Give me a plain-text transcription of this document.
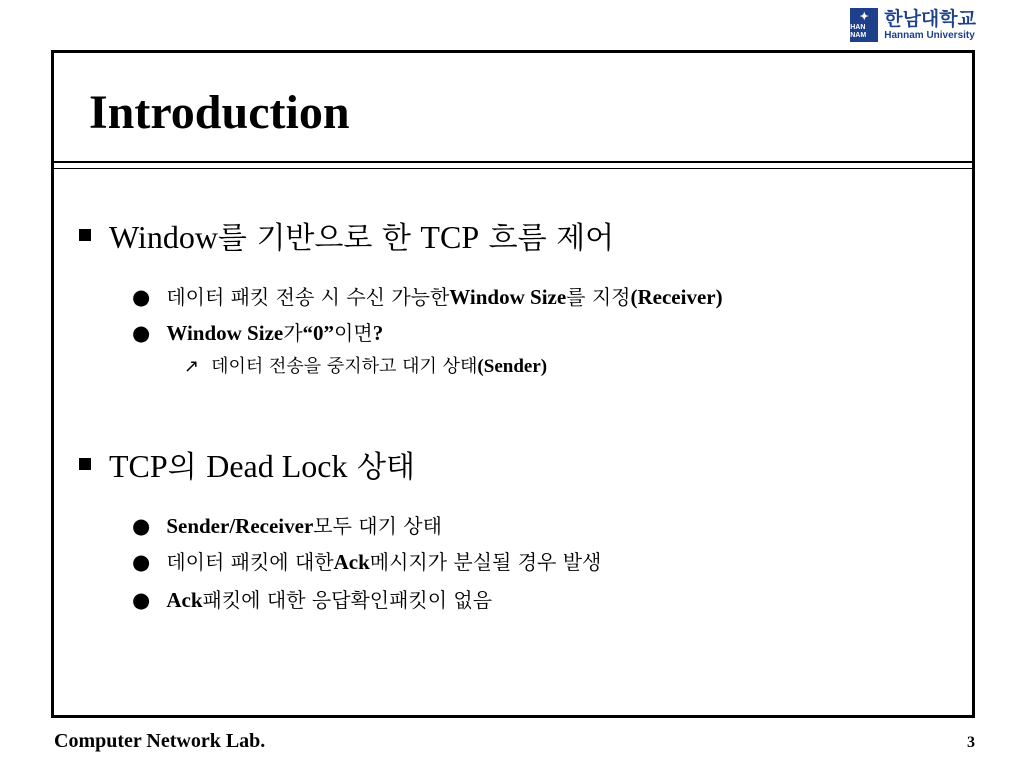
✦
HAN NAM
한남대학교
Hannam University
Introduction
Window를 기반으로 한 TCP 흐름 제어
● 데이터 패킷 전송 시 수신 가능한 Window Size 를 지정 (Receiver)
● Window Size 가 “0” 이면 ?
↗ 데이터 전송을 중지하고 대기 상태 (Sender)
TCP의 Dead Lock 상태
● Sender/Receiver 모두 대기 상태
● 데이터 패킷에 대한 Ack 메시지가 분실될 경우 발생
● Ack 패킷에 대한 응답확인패킷이 없음
Computer Network Lab.	3
